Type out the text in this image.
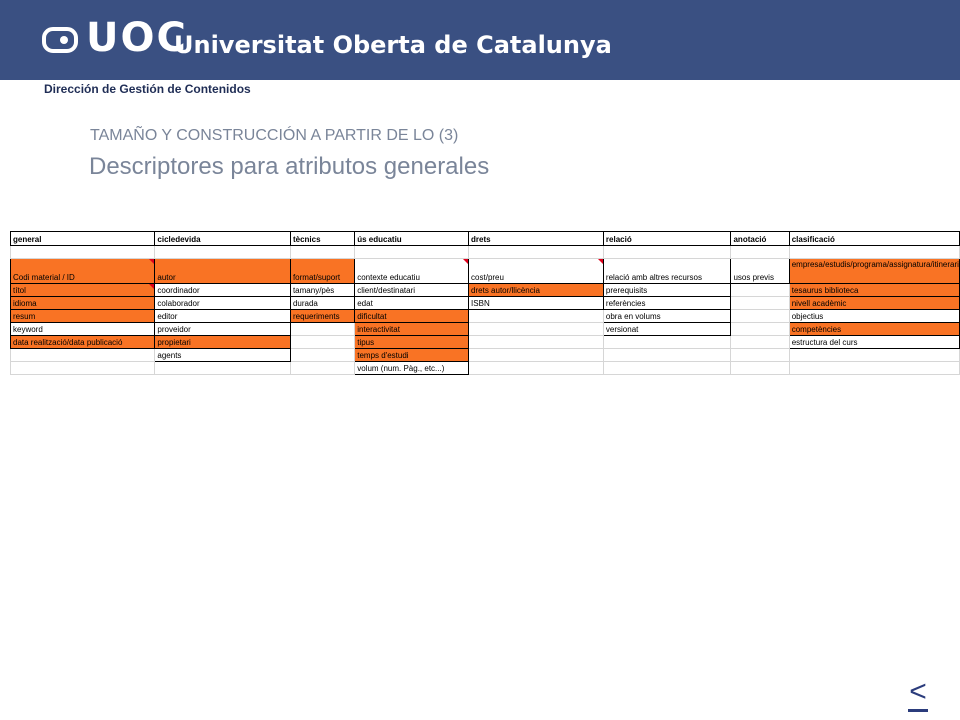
UOC
Universitat Oberta de Catalunya
Dirección de Gestión de Contenidos
TAMAÑO Y CONSTRUCCIÓN A PARTIR DE LO (3)
Descriptores para atributos generales
general	cicledevida	tècnics	ús educatiu	drets	relació	anotació	clasificació

Codi material / ID	autor	format/suport	contexte educatiu	cost/preu	relació amb altres recursos	usos previs	empresa/estudis/programa/assignatura/itinerari
títol	coordinador	tamany/pès	client/destinatari	drets autor/llicència	prerequisits		tesaurus biblioteca
idioma	colaborador	durada	edat	ISBN	referències		nivell acadèmic
resum	editor	requeriments	dificultat		obra en volums		objectius
keyword	proveidor		interactivitat		versionat		competències
data realització/data publicació	propietari		tipus				estructura del curs
	agents		temps d'estudi				
			volum (num. Pàg., etc...)				
<
